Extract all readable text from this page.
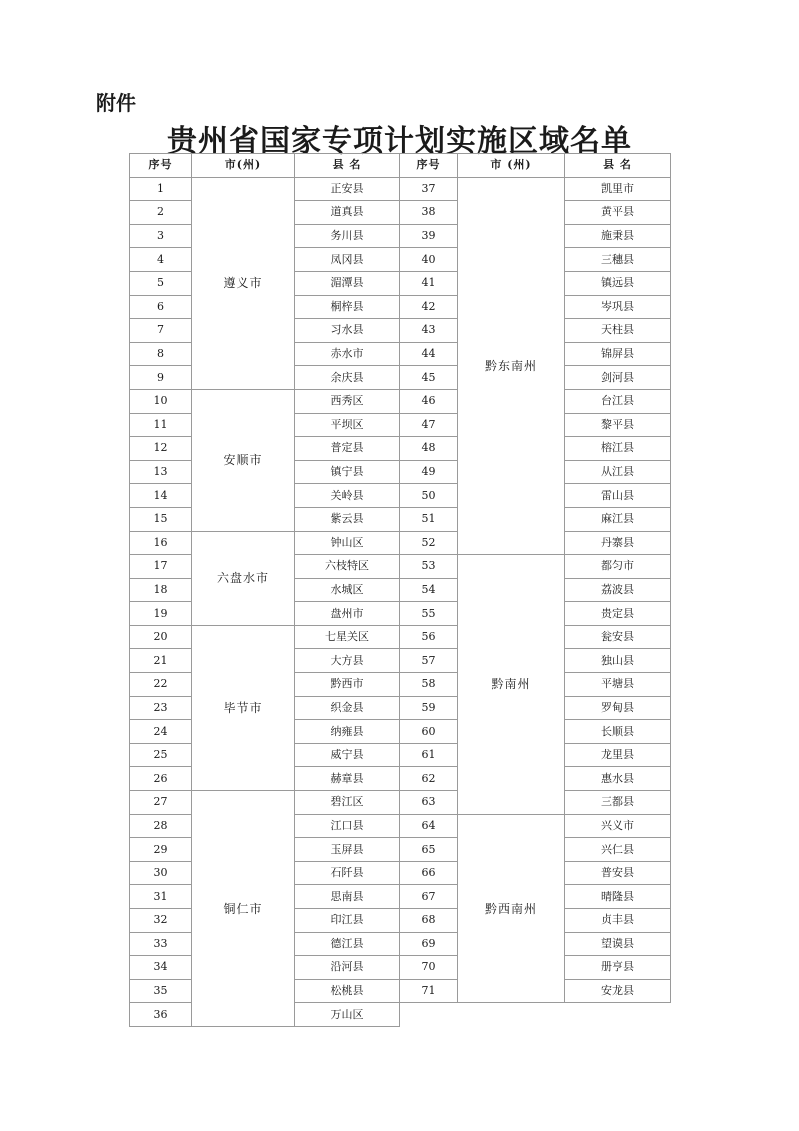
附件
贵州省国家专项计划实施区域名单
序号	市(州)	县 名
1	遵义市	正安县
2		道真县
3		务川县
4		凤冈县
5		湄潭县
6		桐梓县
7		习水县
8		赤水市
9		余庆县
10	安顺市	西秀区
11		平坝区
12		普定县
13		镇宁县
14		关岭县
15		紫云县
16	六盘水市	钟山区
17		六枝特区
18		水城区
19		盘州市
20	毕节市	七星关区
21		大方县
22		黔西市
23		织金县
24		纳雍县
25		威宁县
26		赫章县
27	铜仁市	碧江区
28		江口县
29		玉屏县
30		石阡县
31		思南县
32		印江县
33		德江县
34		沿河县
35		松桃县
36		万山区
序号	市 (州)	县 名
37	黔东南州	凯里市
38		黄平县
39		施秉县
40		三穗县
41		镇远县
42		岑巩县
43		天柱县
44		锦屏县
45		剑河县
46		台江县
47		黎平县
48		榕江县
49		从江县
50		雷山县
51		麻江县
52		丹寨县
53	黔南州	都匀市
54		荔波县
55		贵定县
56		瓮安县
57		独山县
58		平塘县
59		罗甸县
60		长顺县
61		龙里县
62		惠水县
63		三都县
64	黔西南州	兴义市
65		兴仁县
66		普安县
67		晴隆县
68		贞丰县
69		望谟县
70		册亨县
71		安龙县
